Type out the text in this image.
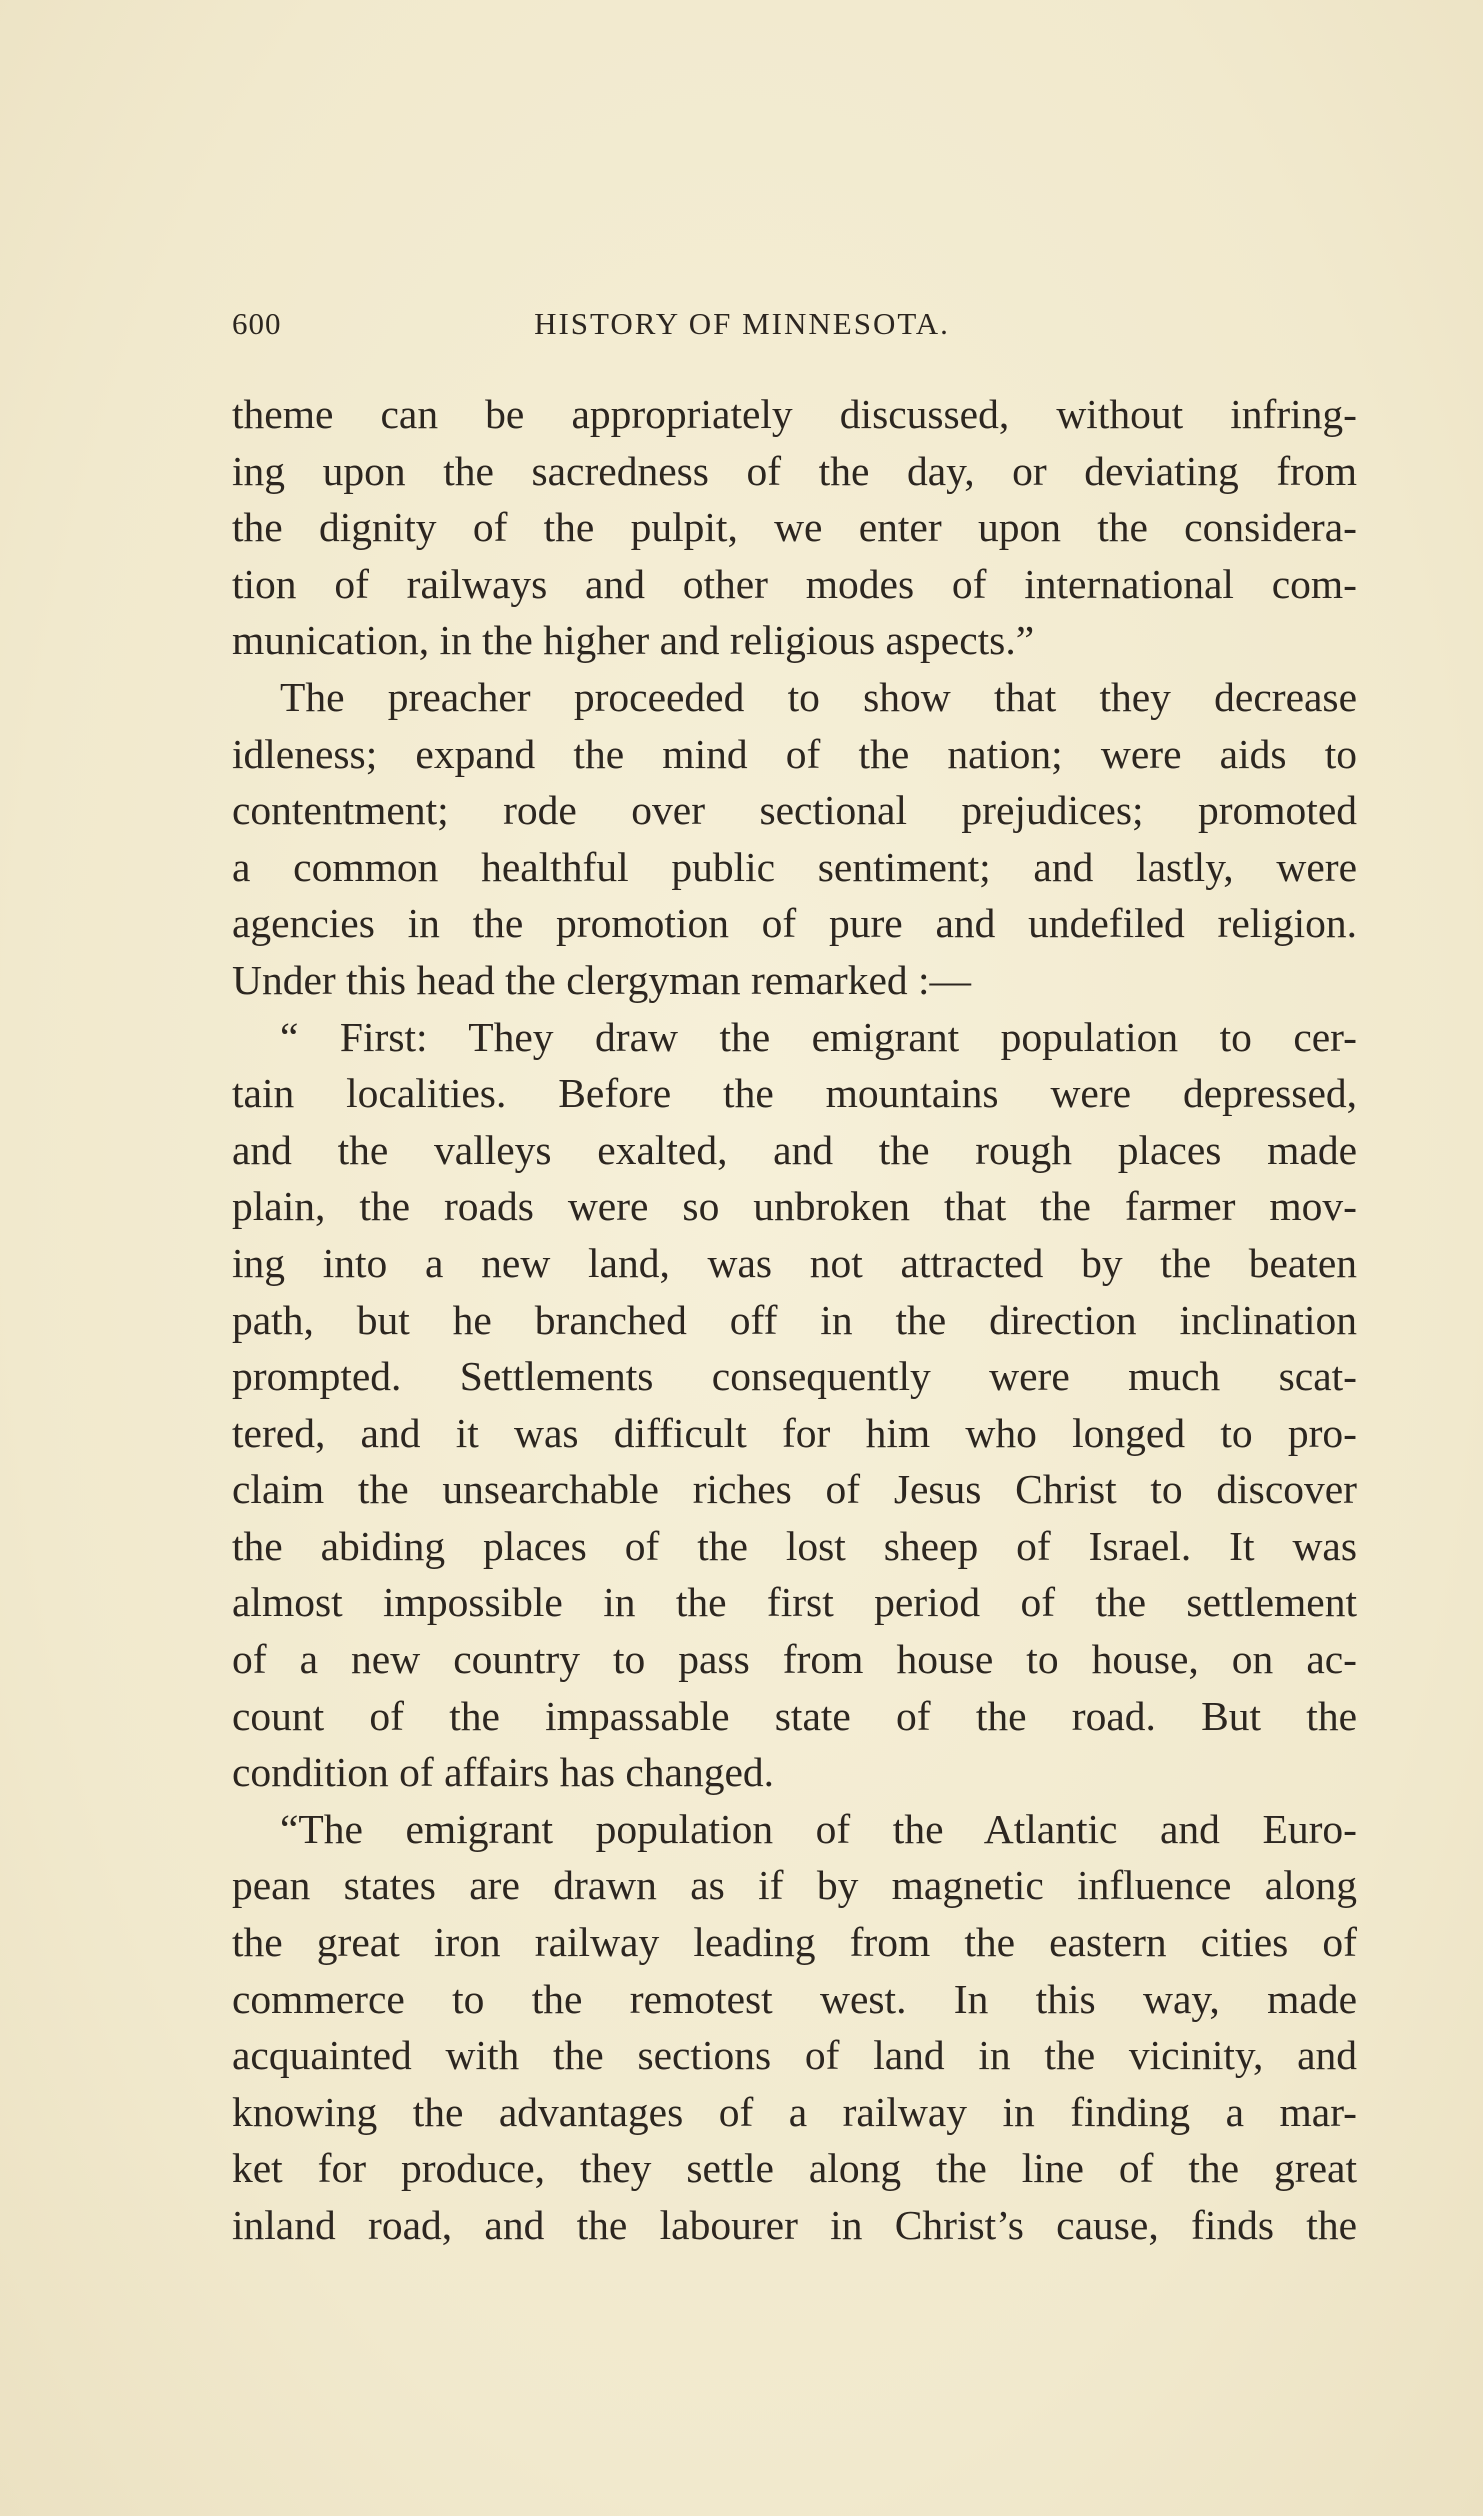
600	HISTORY OF MINNESOTA.
theme can be appropriately discussed, without infring-
ing upon the sacredness of the day, or deviating from
the dignity of the pulpit, we enter upon the considera-
tion of railways and other modes of international com-
munication, in the higher and religious aspects.”
The preacher proceeded to show that they decrease
idleness; expand the mind of the nation; were aids to
contentment; rode over sectional prejudices; promoted
a common healthful public sentiment; and lastly, were
agencies in the promotion of pure and undefiled religion.
Under this head the clergyman remarked :—
“ First: They draw the emigrant population to cer-
tain localities. Before the mountains were depressed,
and the valleys exalted, and the rough places made
plain, the roads were so unbroken that the farmer mov-
ing into a new land, was not attracted by the beaten
path, but he branched off in the direction inclination
prompted. Settlements consequently were much scat-
tered, and it was difficult for him who longed to pro-
claim the unsearchable riches of Jesus Christ to discover
the abiding places of the lost sheep of Israel. It was
almost impossible in the first period of the settlement
of a new country to pass from house to house, on ac-
count of the impassable state of the road. But the
condition of affairs has changed.
“The emigrant population of the Atlantic and Euro-
pean states are drawn as if by magnetic influence along
the great iron railway leading from the eastern cities of
commerce to the remotest west. In this way, made
acquainted with the sections of land in the vicinity, and
knowing the advantages of a railway in finding a mar-
ket for produce, they settle along the line of the great
inland road, and the labourer in Christ’s cause, finds the
